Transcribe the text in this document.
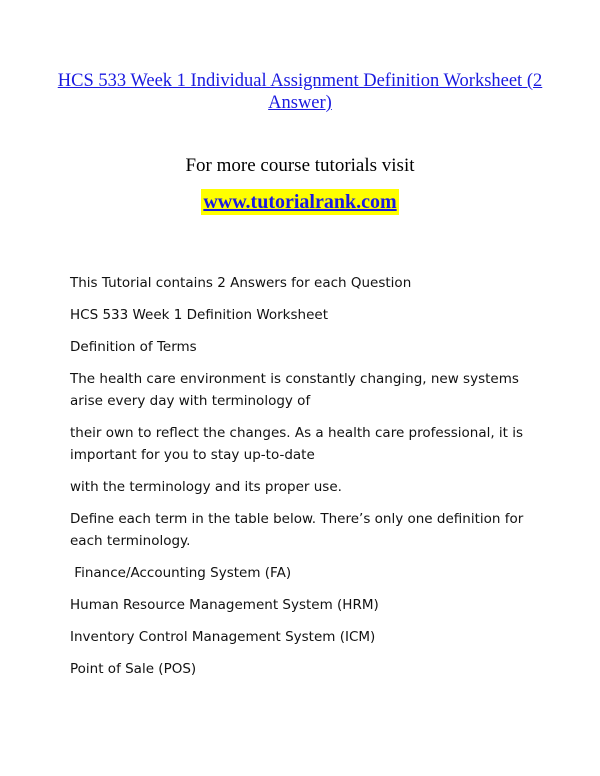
HCS 533 Week 1 Individual Assignment Definition Worksheet (2 Answer)
For more course tutorials visit
www.tutorialrank.com

This Tutorial contains 2 Answers for each Question

HCS 533 Week 1 Definition Worksheet

Definition of Terms

The health care environment is constantly changing, new systems arise every day with terminology of

their own to reflect the changes. As a health care professional, it is important for you to stay up-to-date

with the terminology and its proper use.

Define each term in the table below. There’s only one definition for each terminology.

Finance/Accounting System (FA)

Human Resource Management System (HRM)

Inventory Control Management System (ICM)

Point of Sale (POS)
